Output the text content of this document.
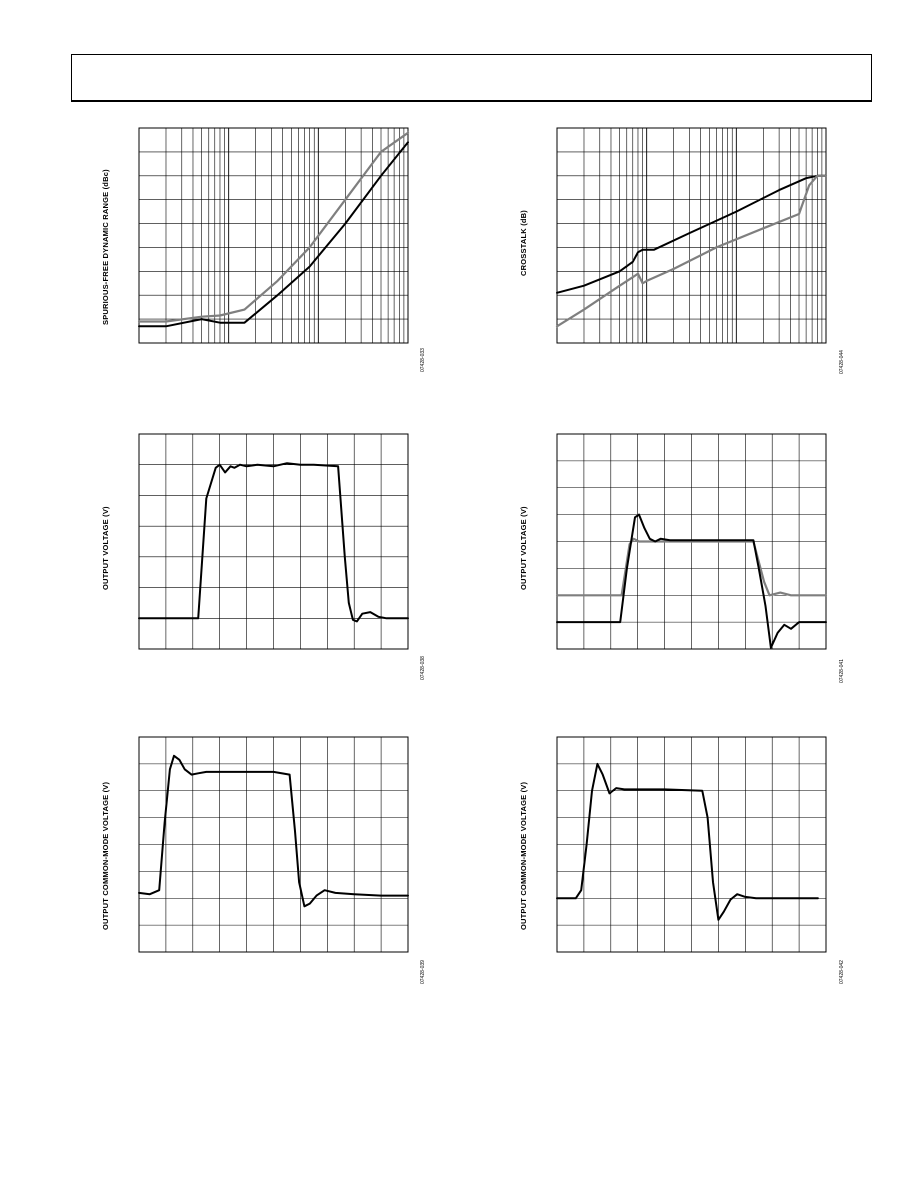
SPURIOUS-FREE DYNAMIC RANGE (dBc)
07428-033
CROSSTALK (dB)
07428-044
OUTPUT VOLTAGE (V)
07428-038
OUTPUT VOLTAGE (V)
07428-041
OUTPUT COMMON-MODE VOLTAGE (V)
07428-039
OUTPUT COMMON-MODE VOLTAGE (V)
07428-042
